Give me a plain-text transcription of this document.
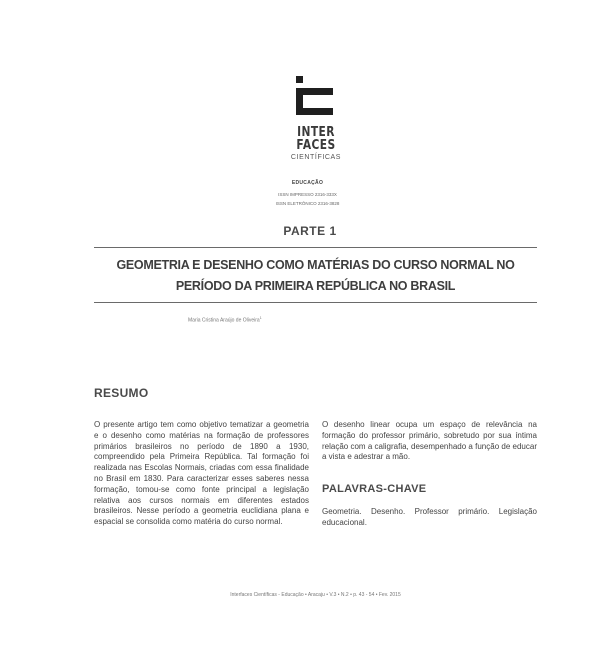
INTER
FACES
CIENTÍFICAS
EDUCAÇÃO
ISSN IMPRESSO 2316-333X
ISSN ELETRÔNICO 2316-3828
PARTE 1
GEOMETRIA E DESENHO COMO MATÉRIAS DO CURSO NORMAL NO
PERÍODO DA PRIMEIRA REPÚBLICA NO BRASIL
Maria Cristina Araújo de Oliveira$^1$
RESUMO
O presente artigo tem como objetivo tematizar a geometria e o desenho como matérias na formação de professores primários brasileiros no período de 1890 a 1930, compreendido pela Primeira República. Tal formação foi realizada nas Escolas Normais, criadas com essa finalidade no Brasil em 1830. Para caracterizar esses saberes nessa formação, tomou-se como fonte principal a legislação relativa aos cursos normais em diferentes estados brasileiros. Nesse período a geometria euclidiana plana e espacial se consolida como matéria do curso normal.
O desenho linear ocupa um espaço de relevância na formação do professor primário, sobretudo por sua íntima relação com a caligrafia, desempenhado a função de educar a vista e adestrar a mão.
PALAVRAS-CHAVE
Geometria. Desenho. Professor primário. Legislação educacional.
Interfaces Científicas - Educação • Aracaju • V.3 • N.2 • p. 43 - 54 • Fev. 2015
